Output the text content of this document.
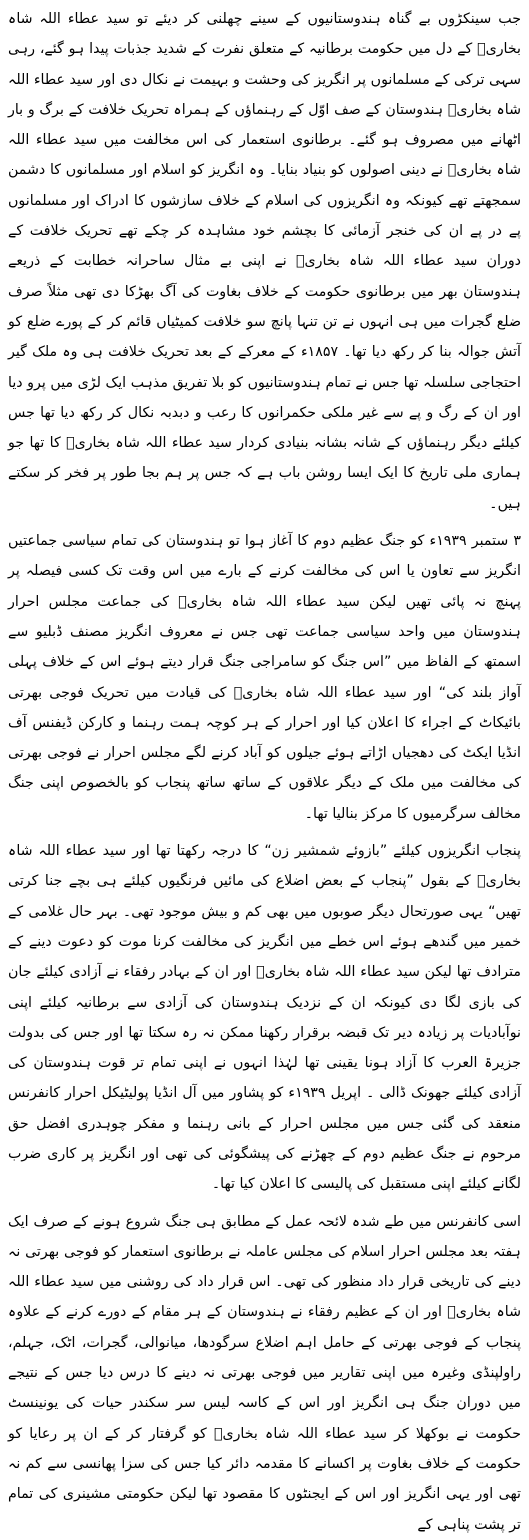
جب سینکڑوں بے گناہ ہندوستانیوں کے سینے چھلنی کر دیئے تو سید عطاء اللہ شاہ بخاریؒ کے دل میں حکومت برطانیہ کے متعلق نفرت کے شدید جذبات پیدا ہو گئے، رہی سہی ترکی کے مسلمانوں پر انگریز کی وحشت و بہیمت نے نکال دی اور سید عطاء اللہ شاہ بخاریؒ ہندوستان کے صف اوّل کے رہنماؤں کے ہمراہ تحریک خلافت کے برگ و بار اٹھانے میں مصروف ہو گئے۔ برطانوی استعمار کی اس مخالفت میں سید عطاء اللہ شاہ بخاریؒ نے دینی اصولوں کو بنیاد بنایا۔ وہ انگریز کو اسلام اور مسلمانوں کا دشمن سمجھتے تھے کیونکہ وہ انگریزوں کی اسلام کے خلاف سازشوں کا ادراک اور مسلمانوں پے در پے ان کی خنجر آزمائی کا بچشم خود مشاہدہ کر چکے تھے تحریک خلافت کے دوران سید عطاء اللہ شاہ بخاریؒ نے اپنی بے مثال ساحرانہ خطابت کے ذریعے ہندوستان بھر میں برطانوی حکومت کے خلاف بغاوت کی آگ بھڑکا دی تھی مثلاً صرف ضلع گجرات میں ہی انہوں نے تن تنہا پانچ سو خلافت کمیٹیاں قائم کر کے پورے ضلع کو آتش جوالہ بنا کر رکھ دیا تھا۔ ۱۸۵۷ء کے معرکے کے بعد تحریک خلافت ہی وہ ملک گیر احتجاجی سلسلہ تھا جس نے تمام ہندوستانیوں کو بلا تفریق مذہب ایک لڑی میں پرو دیا اور ان کے رگ و پے سے غیر ملکی حکمرانوں کا رعب و دبدبہ نکال کر رکھ دیا تھا جس کیلئے دیگر رہنماؤں کے شانہ بشانہ بنیادی کردار سید عطاء اللہ شاہ بخاریؒ کا تھا جو ہماری ملی تاریخ کا ایک ایسا روشن باب ہے کہ جس پر ہم بجا طور پر فخر کر سکتے ہیں۔

۳ ستمبر ۱۹۳۹ء کو جنگ عظیم دوم کا آغاز ہوا تو ہندوستان کی تمام سیاسی جماعتیں انگریز سے تعاون یا اس کی مخالفت کرنے کے بارے میں اس وقت تک کسی فیصلہ پر پہنچ نہ پائی تھیں لیکن سید عطاء اللہ شاہ بخاریؒ کی جماعت مجلس احرار ہندوستان میں واحد سیاسی جماعت تھی جس نے معروف انگریز مصنف ڈبلیو سے اسمتھ کے الفاظ میں ”اس جنگ کو سامراجی جنگ قرار دیتے ہوئے اس کے خلاف پہلی آواز بلند کی“ اور سید عطاء اللہ شاہ بخاریؒ کی قیادت میں تحریک فوجی بھرتی بائیکاٹ کے اجراء کا اعلان کیا اور احرار کے ہر کوچہ ہمت رہنما و کارکن ڈیفنس آف انڈیا ایکٹ کی دھجیاں اڑاتے ہوئے جیلوں کو آباد کرنے لگے مجلس احرار نے فوجی بھرتی کی مخالفت میں ملک کے دیگر علاقوں کے ساتھ ساتھ پنجاب کو بالخصوص اپنی جنگ مخالف سرگرمیوں کا مرکز بنالیا تھا۔

پنجاب انگریزوں کیلئے ”بازوئے شمشیر زن“ کا درجہ رکھتا تھا اور سید عطاء اللہ شاہ بخاریؒ کے بقول ”پنجاب کے بعض اضلاع کی مائیں فرنگیوں کیلئے ہی بچے جنا کرتی تھیں“ یہی صورتحال دیگر صوبوں میں بھی کم و بیش موجود تھی۔ بہر حال غلامی کے خمیر میں گندھے ہوئے اس خطے میں انگریز کی مخالفت کرنا موت کو دعوت دینے کے مترادف تھا لیکن سید عطاء اللہ شاہ بخاریؒ اور ان کے بہادر رفقاء نے آزادی کیلئے جان کی بازی لگا دی کیونکہ ان کے نزدیک ہندوستان کی آزادی سے برطانیہ کیلئے اپنی نوآبادیات پر زیادہ دیر تک قبضہ برقرار رکھنا ممکن نہ رہ سکتا تھا اور جس کی بدولت جزیرۃ العرب کا آزاد ہونا یقینی تھا لہٰذا انہوں نے اپنی تمام تر قوت ہندوستان کی آزادی کیلئے جھونک ڈالی ۔ اپریل ۱۹۳۹ء کو پشاور میں آل انڈیا پولیٹیکل احرار کانفرنس منعقد کی گئی جس میں مجلس احرار کے بانی رہنما و مفکر چوہدری افضل حق مرحوم نے جنگ عظیم دوم کے چھڑنے کی پیشگوئی کی تھی اور انگریز پر کاری ضرب لگانے کیلئے اپنی مستقبل کی پالیسی کا اعلان کیا تھا۔

اسی کانفرنس میں طے شدہ لائحہ عمل کے مطابق ہی جنگ شروع ہونے کے صرف ایک ہفتہ بعد مجلس احرار اسلام کی مجلس عاملہ نے برطانوی استعمار کو فوجی بھرتی نہ دینے کی تاریخی قرار داد منظور کی تھی۔ اس قرار داد کی روشنی میں سید عطاء اللہ شاہ بخاریؒ اور ان کے عظیم رفقاء نے ہندوستان کے ہر مقام کے دورے کرنے کے علاوہ پنجاب کے فوجی بھرتی کے حامل اہم اضلاع سرگودھا، میانوالی، گجرات، اٹک، جہلم، راولپنڈی وغیرہ میں اپنی تقاریر میں فوجی بھرتی نہ دینے کا درس دیا جس کے نتیجے میں دوران جنگ ہی انگریز اور اس کے کاسہ لیس سر سکندر حیات کی یونینسٹ حکومت نے بوکھلا کر سید عطاء اللہ شاہ بخاریؒ کو گرفتار کر کے ان پر رعایا کو حکومت کے خلاف بغاوت پر اکسانے کا مقدمہ دائر کیا جس کی سزا پھانسی سے کم نہ تھی اور یہی انگریز اور اس کے ایجنٹوں کا مقصود تھا لیکن حکومتی مشینری کی تمام تر پشت پناہی کے
